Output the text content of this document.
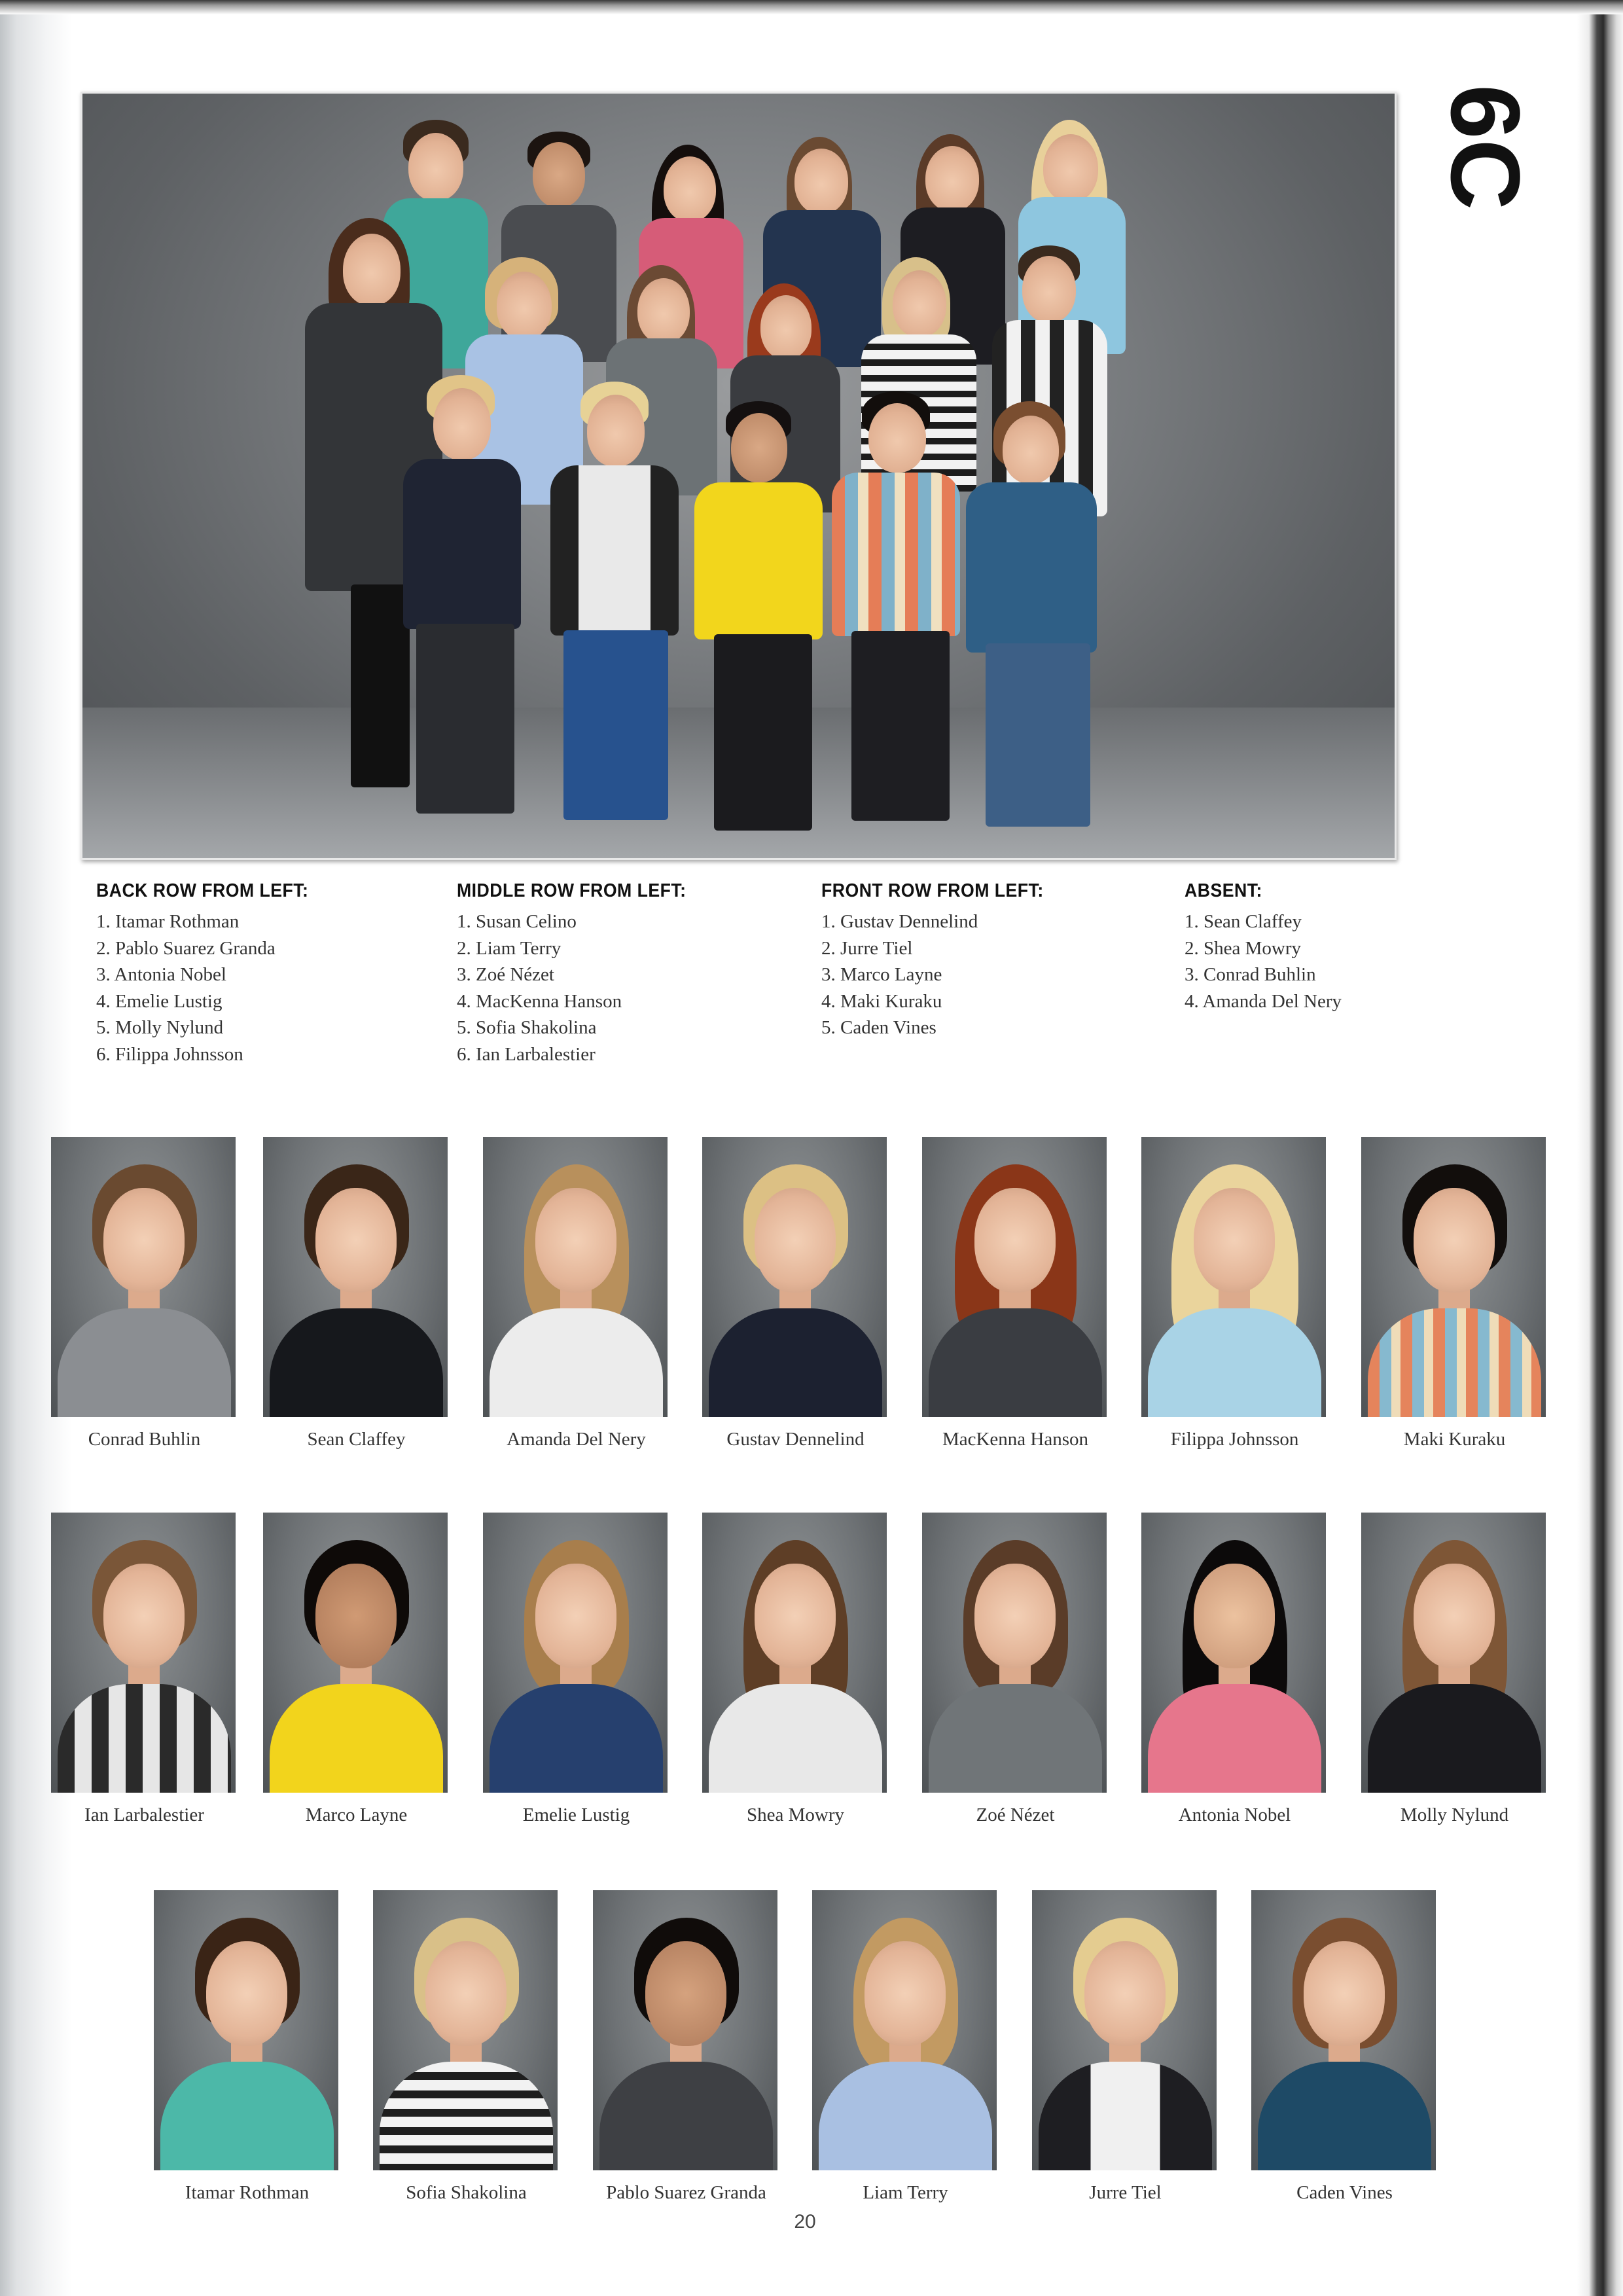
6C
BACK ROW FROM LEFT:
1. Itamar Rothman
2. Pablo Suarez Granda
3. Antonia Nobel
4. Emelie Lustig
5. Molly Nylund
6. Filippa Johnsson
MIDDLE ROW FROM LEFT:
1. Susan Celino
2. Liam Terry
3. Zoé Nézet
4. MacKenna Hanson
5. Sofia Shakolina
6. Ian Larbalestier
FRONT ROW FROM LEFT:
1. Gustav Dennelind
2. Jurre Tiel
3. Marco Layne
4. Maki Kuraku
5. Caden Vines
ABSENT:
1. Sean Claffey
2. Shea Mowry
3. Conrad Buhlin
4. Amanda Del Nery
Conrad Buhlin	Sean Claffey	Amanda Del Nery	Gustav Dennelind	MacKenna Hanson	Filippa Johnsson	Maki Kuraku
Ian Larbalestier	Marco Layne	Emelie Lustig	Shea Mowry	Zoé Nézet	Antonia Nobel	Molly Nylund
Itamar Rothman	Sofia Shakolina	Pablo Suarez Granda	Liam Terry	Jurre Tiel	Caden Vines
20
